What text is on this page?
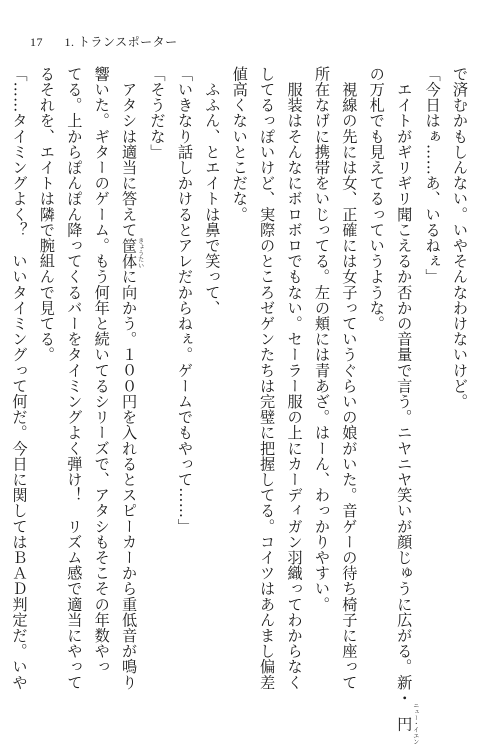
17 1. トランスポーター
で済むかもしんない。いやそんなわけないけど。
「今日はぁ……あ、いるねぇ」
　エイトがギリギリ聞こえるか否かの音量で言う。ニヤニヤ笑いが顔じゅうに広がる。新・円ニュー・イエン
の万札でも見えてるっていうような。
　視線の先には女、正確には女子っていうぐらいの娘がいた。音ゲーの待ち椅子に座って
所在なげに携帯をいじってる。左の頬には青あざ。はーん、わっかりやすい。
　服装はそんなにボロボロでもない。セーラー服の上にカーディガン羽織ってわからなく
してるっぽいけど、実際のところゼゲンたちは完璧に把握してる。コイツはあんまし偏差
値高くないとこだな。
　ふふん、とエイトは鼻で笑って、
「いきなり話しかけるとアレだからねぇ。ゲームでもやって……」
「そうだな」
　アタシは適当に答えて筐体きょうたいに向かう。１００円を入れるとスピーカーから重低音が鳴り
響いた。ギターのゲーム。もう何年と続いてるシリーズで、アタシもそこその年数やっ
てる。上からぽんぽん降ってくるバーをタイミングよく弾け！　リズム感で適当にやって
るそれを、エイトは隣で腕組んで見てる。
「……タイミングよく？　いいタイミングって何だ。今日に関してはＢＡＤ判定だ。いや
